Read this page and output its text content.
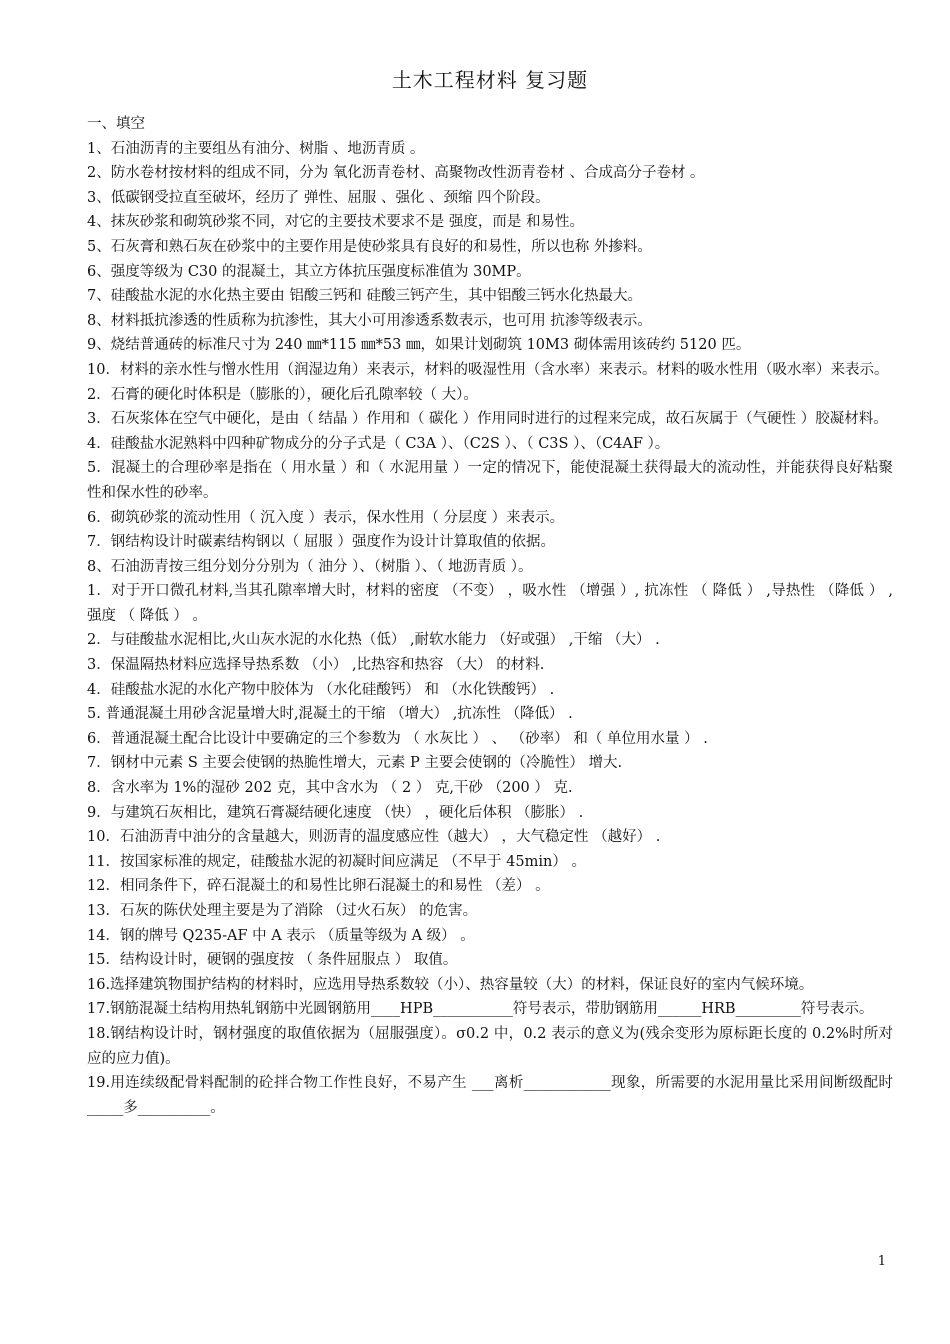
土木工程材料 复习题
一、填空
1、石油沥青的主要组丛有油分、树脂 、地沥青质 。
2、防水卷材按材料的组成不同，分为 氧化沥青卷材、高聚物改性沥青卷材 、合成高分子卷材 。
3、低碳钢受拉直至破坏，经历了 弹性、屈服 、强化 、颈缩 四个阶段。
4、抹灰砂浆和砌筑砂浆不同，对它的主要技术要求不是 强度，而是 和易性。
5、石灰膏和熟石灰在砂浆中的主要作用是使砂浆具有良好的和易性，所以也称 外掺料。
6、强度等级为 C30 的混凝土，其立方体抗压强度标准值为 30MP。
7、硅酸盐水泥的水化热主要由 铝酸三钙和 硅酸三钙产生，其中铝酸三钙水化热最大。
8、材料抵抗渗透的性质称为抗渗性，其大小可用渗透系数表示，也可用 抗渗等级表示。
9、烧结普通砖的标准尺寸为 240 ㎜*115 ㎜*53 ㎜，如果计划砌筑 10M3 砌体需用该砖约 5120 匹。
10．材料的亲水性与憎水性用（润湿边角）来表示，材料的吸湿性用（含水率）来表示。材料的吸水性用（吸水率）来表示。
2．石膏的硬化时体积是（膨胀的），硬化后孔隙率较（ 大）。
3．石灰浆体在空气中硬化，是由（ 结晶 ）作用和（ 碳化 ）作用同时进行的过程来完成，故石灰属于（气硬性 ）胶凝材料。
4．硅酸盐水泥熟料中四种矿物成分的分子式是（ C3A ）、（C2S ）、（ C3S ）、（C4AF ）。
5．混凝土的合理砂率是指在（ 用水量 ）和（ 水泥用量 ）一定的情况下，能使混凝土获得最大的流动性，并能获得良好粘聚性和保水性的砂率。
6．砌筑砂浆的流动性用（ 沉入度 ）表示，保水性用（ 分层度 ）来表示。
7．钢结构设计时碳素结构钢以（ 屈服 ）强度作为设计计算取值的依据。
8、石油沥青按三组分划分分别为（ 油分 ）、（树脂 ）、（ 地沥青质 ）。
1．对于开口微孔材料,当其孔隙率增大时，材料的密度 （不变） ，吸水性 （增强 ）, 抗冻性 （ 降低 ） ,导热性 （降低 ） ,强度 （ 降低 ） 。
2．与硅酸盐水泥相比,火山灰水泥的水化热（低） ,耐软水能力 （好或强） ,干缩 （大） .
3．保温隔热材料应选择导热系数 （小） ,比热容和热容 （大） 的材料.
4．硅酸盐水泥的水化产物中胶体为 （水化硅酸钙） 和 （水化铁酸钙） .
5. 普通混凝土用砂含泥量增大时,混凝土的干缩 （增大） ,抗冻性 （降低） .
6．普通混凝土配合比设计中要确定的三个参数为 （ 水灰比 ） 、 （砂率） 和（ 单位用水量 ） .
7．钢材中元素 S 主要会使钢的热脆性增大，元素 P 主要会使钢的（冷脆性） 增大.
8．含水率为 1%的湿砂 202 克，其中含水为 （ 2 ） 克,干砂 （200 ） 克.
9．与建筑石灰相比，建筑石膏凝结硬化速度 （快） ，硬化后体积 （膨胀） .
10．石油沥青中油分的含量越大，则沥青的温度感应性（越大） ，大气稳定性 （越好） .
11．按国家标准的规定，硅酸盐水泥的初凝时间应满足 （不早于 45min） 。
12．相同条件下，碎石混凝土的和易性比卵石混凝土的和易性 （差） 。
13．石灰的陈伏处理主要是为了消除 （过火石灰） 的危害。
14．钢的牌号 Q235-AF 中 A 表示 （质量等级为 A 级） 。
15．结构设计时，硬钢的强度按 （ 条件屈服点 ） 取值。
16.选择建筑物围护结构的材料时，应选用导热系数较（小）、热容量较（大）的材料，保证良好的室内气候环境。
17.钢筋混凝土结构用热轧钢筋中光圆钢筋用____HPB___________符号表示，带肋钢筋用______HRB_________符号表示。
18.钢结构设计时，钢材强度的取值依据为（屈服强度）。σ0.2 中，0.2 表示的意义为(残余变形为原标距长度的 0.2%时所对应的应力值)。
19.用连续级配骨料配制的砼拌合物工作性良好，不易产生 ___离析____________现象，所需要的水泥用量比采用间断级配时_____多__________。
1
